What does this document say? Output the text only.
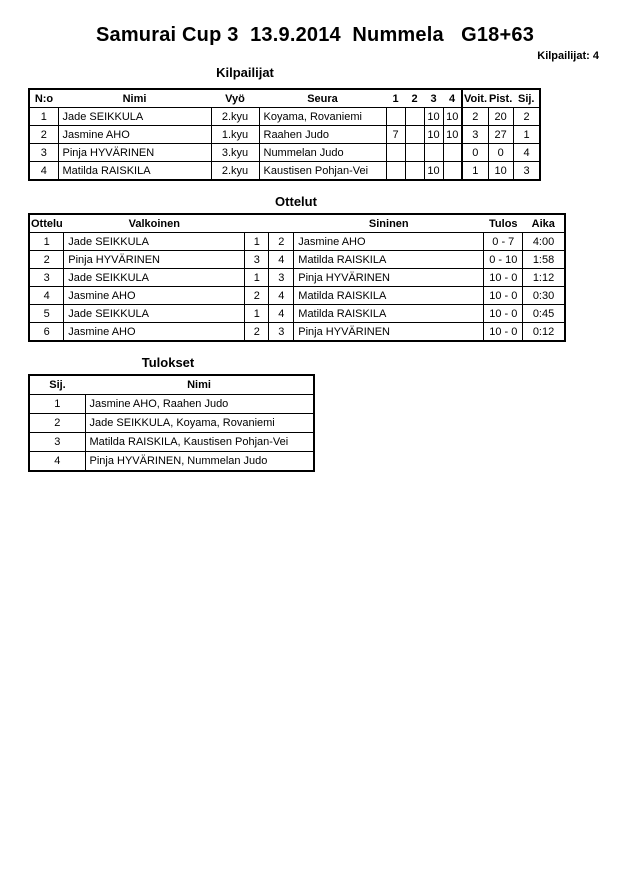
Samurai Cup 3  13.9.2014  Nummela   G18+63
Kilpailijat: 4
Kilpailijat
N:o	Nimi	Vyö	Seura	1	2	3	4	Voit.	Pist.	Sij.
1	Jade SEIKKULA	2.kyu	Koyama, Rovaniemi			10	10	2	20	2
2	Jasmine AHO	1.kyu	Raahen Judo	7		10	10	3	27	1
3	Pinja HYVÄRINEN	3.kyu	Nummelan Judo					0	0	4
4	Matilda RAISKILA	2.kyu	Kaustisen Pohjan-Vei			10		1	10	3
Ottelut
Ottelu	Valkoinen			Sininen	Tulos	Aika
1	Jade SEIKKULA	1	2	Jasmine AHO	0 - 7	4:00
2	Pinja HYVÄRINEN	3	4	Matilda RAISKILA	0 - 10	1:58
3	Jade SEIKKULA	1	3	Pinja HYVÄRINEN	10 - 0	1:12
4	Jasmine AHO	2	4	Matilda RAISKILA	10 - 0	0:30
5	Jade SEIKKULA	1	4	Matilda RAISKILA	10 - 0	0:45
6	Jasmine AHO	2	3	Pinja HYVÄRINEN	10 - 0	0:12
Tulokset
Sij.	Nimi
1	Jasmine AHO, Raahen Judo
2	Jade SEIKKULA, Koyama, Rovaniemi
3	Matilda RAISKILA, Kaustisen Pohjan-Vei
4	Pinja HYVÄRINEN, Nummelan Judo
